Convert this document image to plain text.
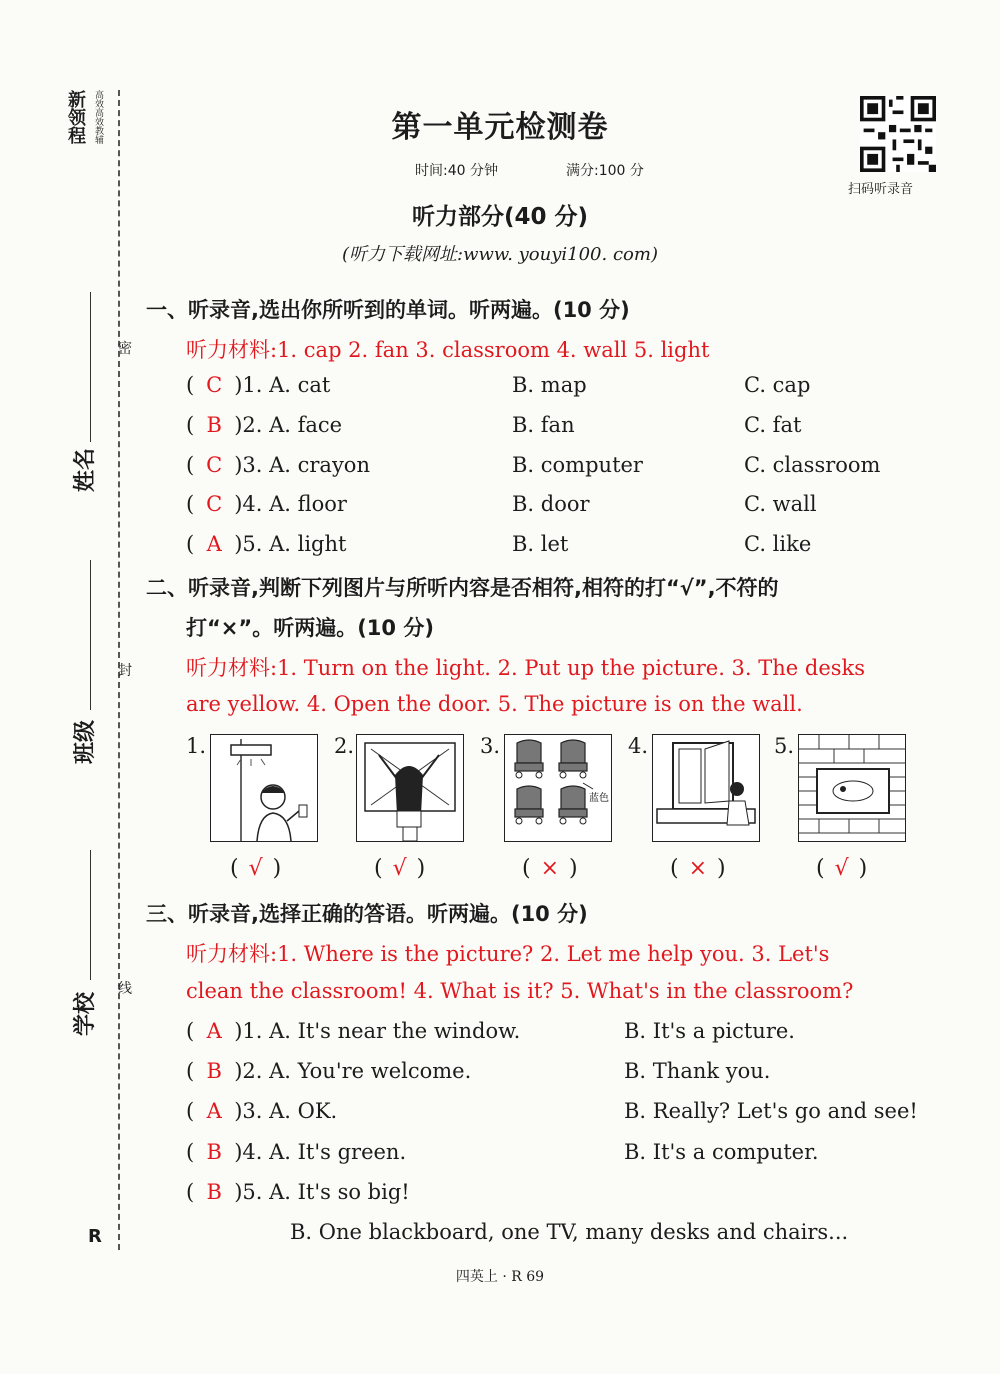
新领程 高效高效教辅
姓名
密
班级
封
学校
线
R
第一单元检测卷
时间:40 分钟	满分:100 分
扫码听录音
听力部分(40 分)
(听力下载网址:www. youyi100. com)
一、听录音,选出你所听到的单词。听两遍。(10 分)
听力材料:1. cap 2. fan 3. classroom 4. wall 5. light
( C )1. A. cat	B. map	C. cap
( B )2. A. face	B. fan	C. fat
( C )3. A. crayon	B. computer	C. classroom
( C )4. A. floor	B. door	C. wall
( A )5. A. light	B. let	C. like
二、听录音,判断下列图片与所听内容是否相符,相符的打“√”,不符的
打“×”。听两遍。(10 分)
听力材料:1. Turn on the light. 2. Put up the picture. 3. The desks
are yellow. 4. Open the door. 5. The picture is on the wall.
1.
( √ )
2.
( √ )
3.
蓝色
( × )
4.
( × )
5.
( √ )
三、听录音,选择正确的答语。听两遍。(10 分)
听力材料:1. Where is the picture? 2. Let me help you. 3. Let's
clean the classroom! 4. What is it? 5. What's in the classroom?
( A )1. A. It's near the window.	B. It's a picture.
( B )2. A. You're welcome.	B. Thank you.
( A )3. A. OK.	B. Really? Let's go and see!
( B )4. A. It's green.	B. It's a computer.
( B )5. A. It's so big!
B. One blackboard, one TV, many desks and chairs...
四英上 · R 69
